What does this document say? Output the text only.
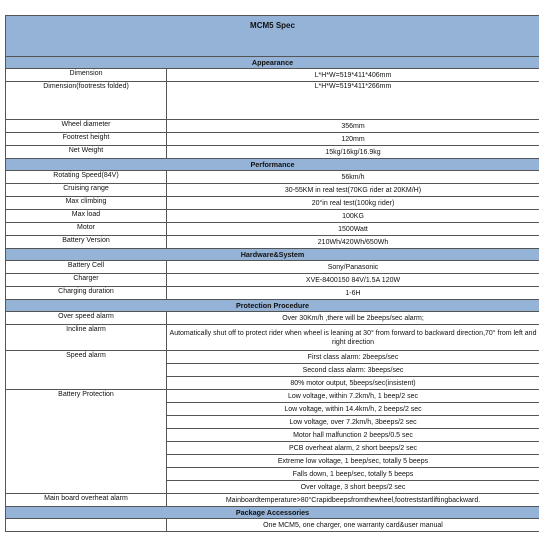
MCM5 Spec	
Appearance	
Dimension	L*H*W=519*411*406mm
Dimension(footrests folded)	L*H*W=519*411*266mm
Wheel diameter	356mm
Footrest height	120mm
Net Weight	15kg/16kg/16.9kg
Performance	
Rotating Speed(84V)	56km/h
Cruising range	30-55KM in real test(70KG rider at 20KM/H)
Max climbing	20°in real test(100kg rider)
Max load	100KG
Motor	1500Watt
Battery Version	210Wh/420Wh/650Wh
Hardware&System	
Battery Cell	Sony/Panasonic
Charger	XVE-8400150 84V/1.5A 120W
Charging duration	1-6H
Protection Procedure	
Over speed alarm	Over 30Km/h ,there will be 2beeps/sec alarm;
Incline alarm	Automatically shut off to protect rider when wheel is leaning at 30° from forward to backward direction,70° from left and right direction
Speed alarm	First class alarm: 2beeps/sec
	Second class alarm: 3beeps/sec
	80% motor output, 5beeps/sec(insistent)
Battery Protection	Low voltage, within 7.2km/h, 1 beep/2 sec
	Low voltage, within 14.4km/h, 2 beeps/2 sec
	Low voltage, over 7.2km/h, 3beeps/2 sec
	Motor hall malfunction 2 beeps/0.5 sec
	PCB overheat alarm, 2 short beeps/2 sec
	Extreme low voltage, 1 beep/sec, totally 5 beeps
	Falls down, 1 beep/sec, totally 5 beeps
	Over voltage, 3 short beeps/2 sec
Main board overheat alarm	Mainboardtemperature>80°Crapidbeepsfromthewheel,footreststartliftingbackward.
Package Accessories	
	One MCM5, one charger, one warranty card&user manual
